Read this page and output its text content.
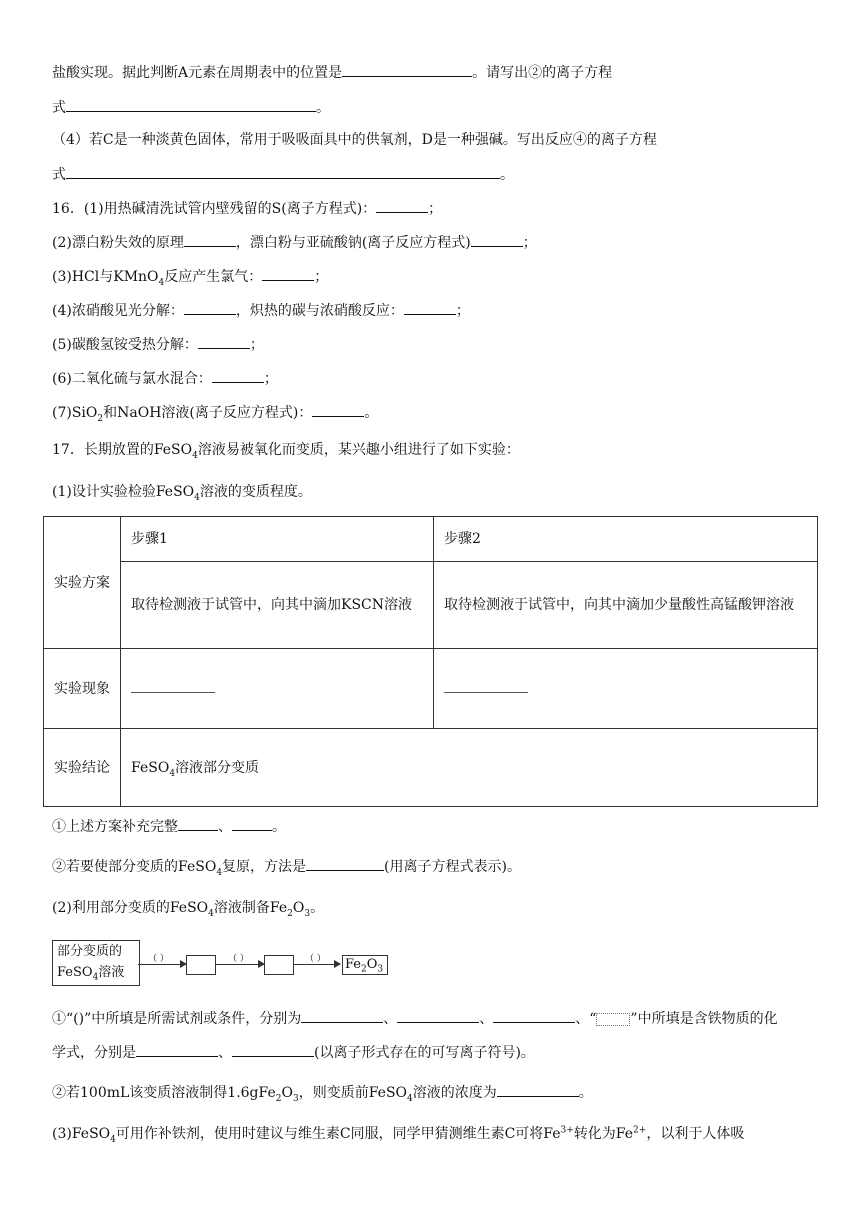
盐酸实现。据此判断A元素在周期表中的位置是	。请写出②的离子方程
式	。
（4）若C是一种淡黄色固体，常用于吸吸面具中的供氧剂，D是一种强碱。写出反应④的离子方程
式	。
16．(1)用热碱清洗试管内壁残留的S(离子方程式)：	；
(2)漂白粉失效的原理	，漂白粉与亚硫酸钠(离子反应方程式)	；
(3)HCl与KMnO$_4$反应产生氯气：	；
(4)浓硝酸见光分解：	，炽热的碳与浓硝酸反应：	；
(5)碳酸氢铵受热分解：	；
(6)二氧化硫与氯水混合：	；
(7)SiO$_2$和NaOH溶液(离子反应方程式)：	。
17．长期放置的FeSO$_4$溶液易被氧化而变质，某兴趣小组进行了如下实验：
(1)设计实验检验FeSO$_4$溶液的变质程度。
实验方案	步骤1	步骤2
	取待检测液于试管中，向其中滴加KSCN溶液	取待检测液于试管中，向其中滴加少量酸性高锰酸钾溶液
实验现象		
实验结论	FeSO$_4$溶液部分变质	
①上述方案补充完整	、	。
②若要使部分变质的FeSO$_4$复原，方法是	(用离子方程式表示)。
(2)利用部分变质的FeSO$_4$溶液制备$Fe_2O_3$。
部分变质的
FeSO$_4$溶液
（ ）	（ ）	（ ） $Fe_2O_3$
①“()”中所填是所需试剂或条件，分别为	、	、	、“ ”中所填是含铁物质的化
学式，分别是	、	(以离子形式存在的可写离子符号)。
②若100mL该变质溶液制得$1.6gFe_2O_3$，则变质前FeSO$_4$溶液的浓度为	。
(3)FeSO$_4$可用作补铁剂，使用时建议与维生素C同服，同学甲猜测维生素C可将$Fe^{3+}$转化为$Fe^{2+}$，以利于人体吸
